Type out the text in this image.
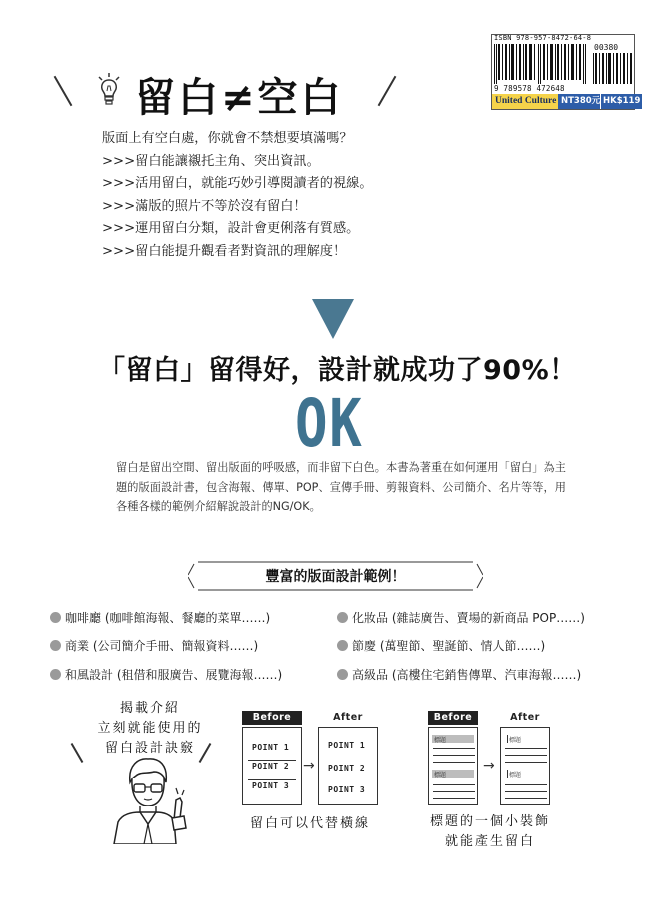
ISBN 978-957-8472-64-8
00380
9 789578 472648
United Culture NT380元 HK$119
留白≠空白
版面上有空白處，你就會不禁想要填滿嗎？
>>>留白能讓襯托主角、突出資訊。
>>>活用留白，就能巧妙引導閱讀者的視線。
>>>滿版的照片不等於沒有留白！
>>>運用留白分類，設計會更俐落有質感。
>>>留白能提升觀看者對資訊的理解度！
「留白」留得好，設計就成功了90%！
OK
留白是留出空間、留出版面的呼吸感，而非留下白色。本書為著重在如何運用「留白」為主題的版面設計書，包含海報、傳單、POP、宣傳手冊、剪報資料、公司簡介、名片等等，用各種各樣的範例介紹解說設計的NG/OK。
豐富的版面設計範例！
咖啡廳 (咖啡館海報、餐廳的菜單……)
商業 (公司簡介手冊、簡報資料……)
和風設計 (租借和服廣告、展覽海報……)
化妝品 (雜誌廣告、賣場的新商品 POP……)
節慶 (萬聖節、聖誕節、情人節……)
高級品 (高樓住宅銷售傳單、汽車海報……)
揭載介紹
立刻就能使用的
留白設計訣竅
Before	After
POINT 1
POINT 2
POINT 3
→
POINT 1
POINT 2
POINT 3
留白可以代替橫線
Before	After
標題
標題
→
標題
標題
標題的一個小裝飾
就能產生留白
